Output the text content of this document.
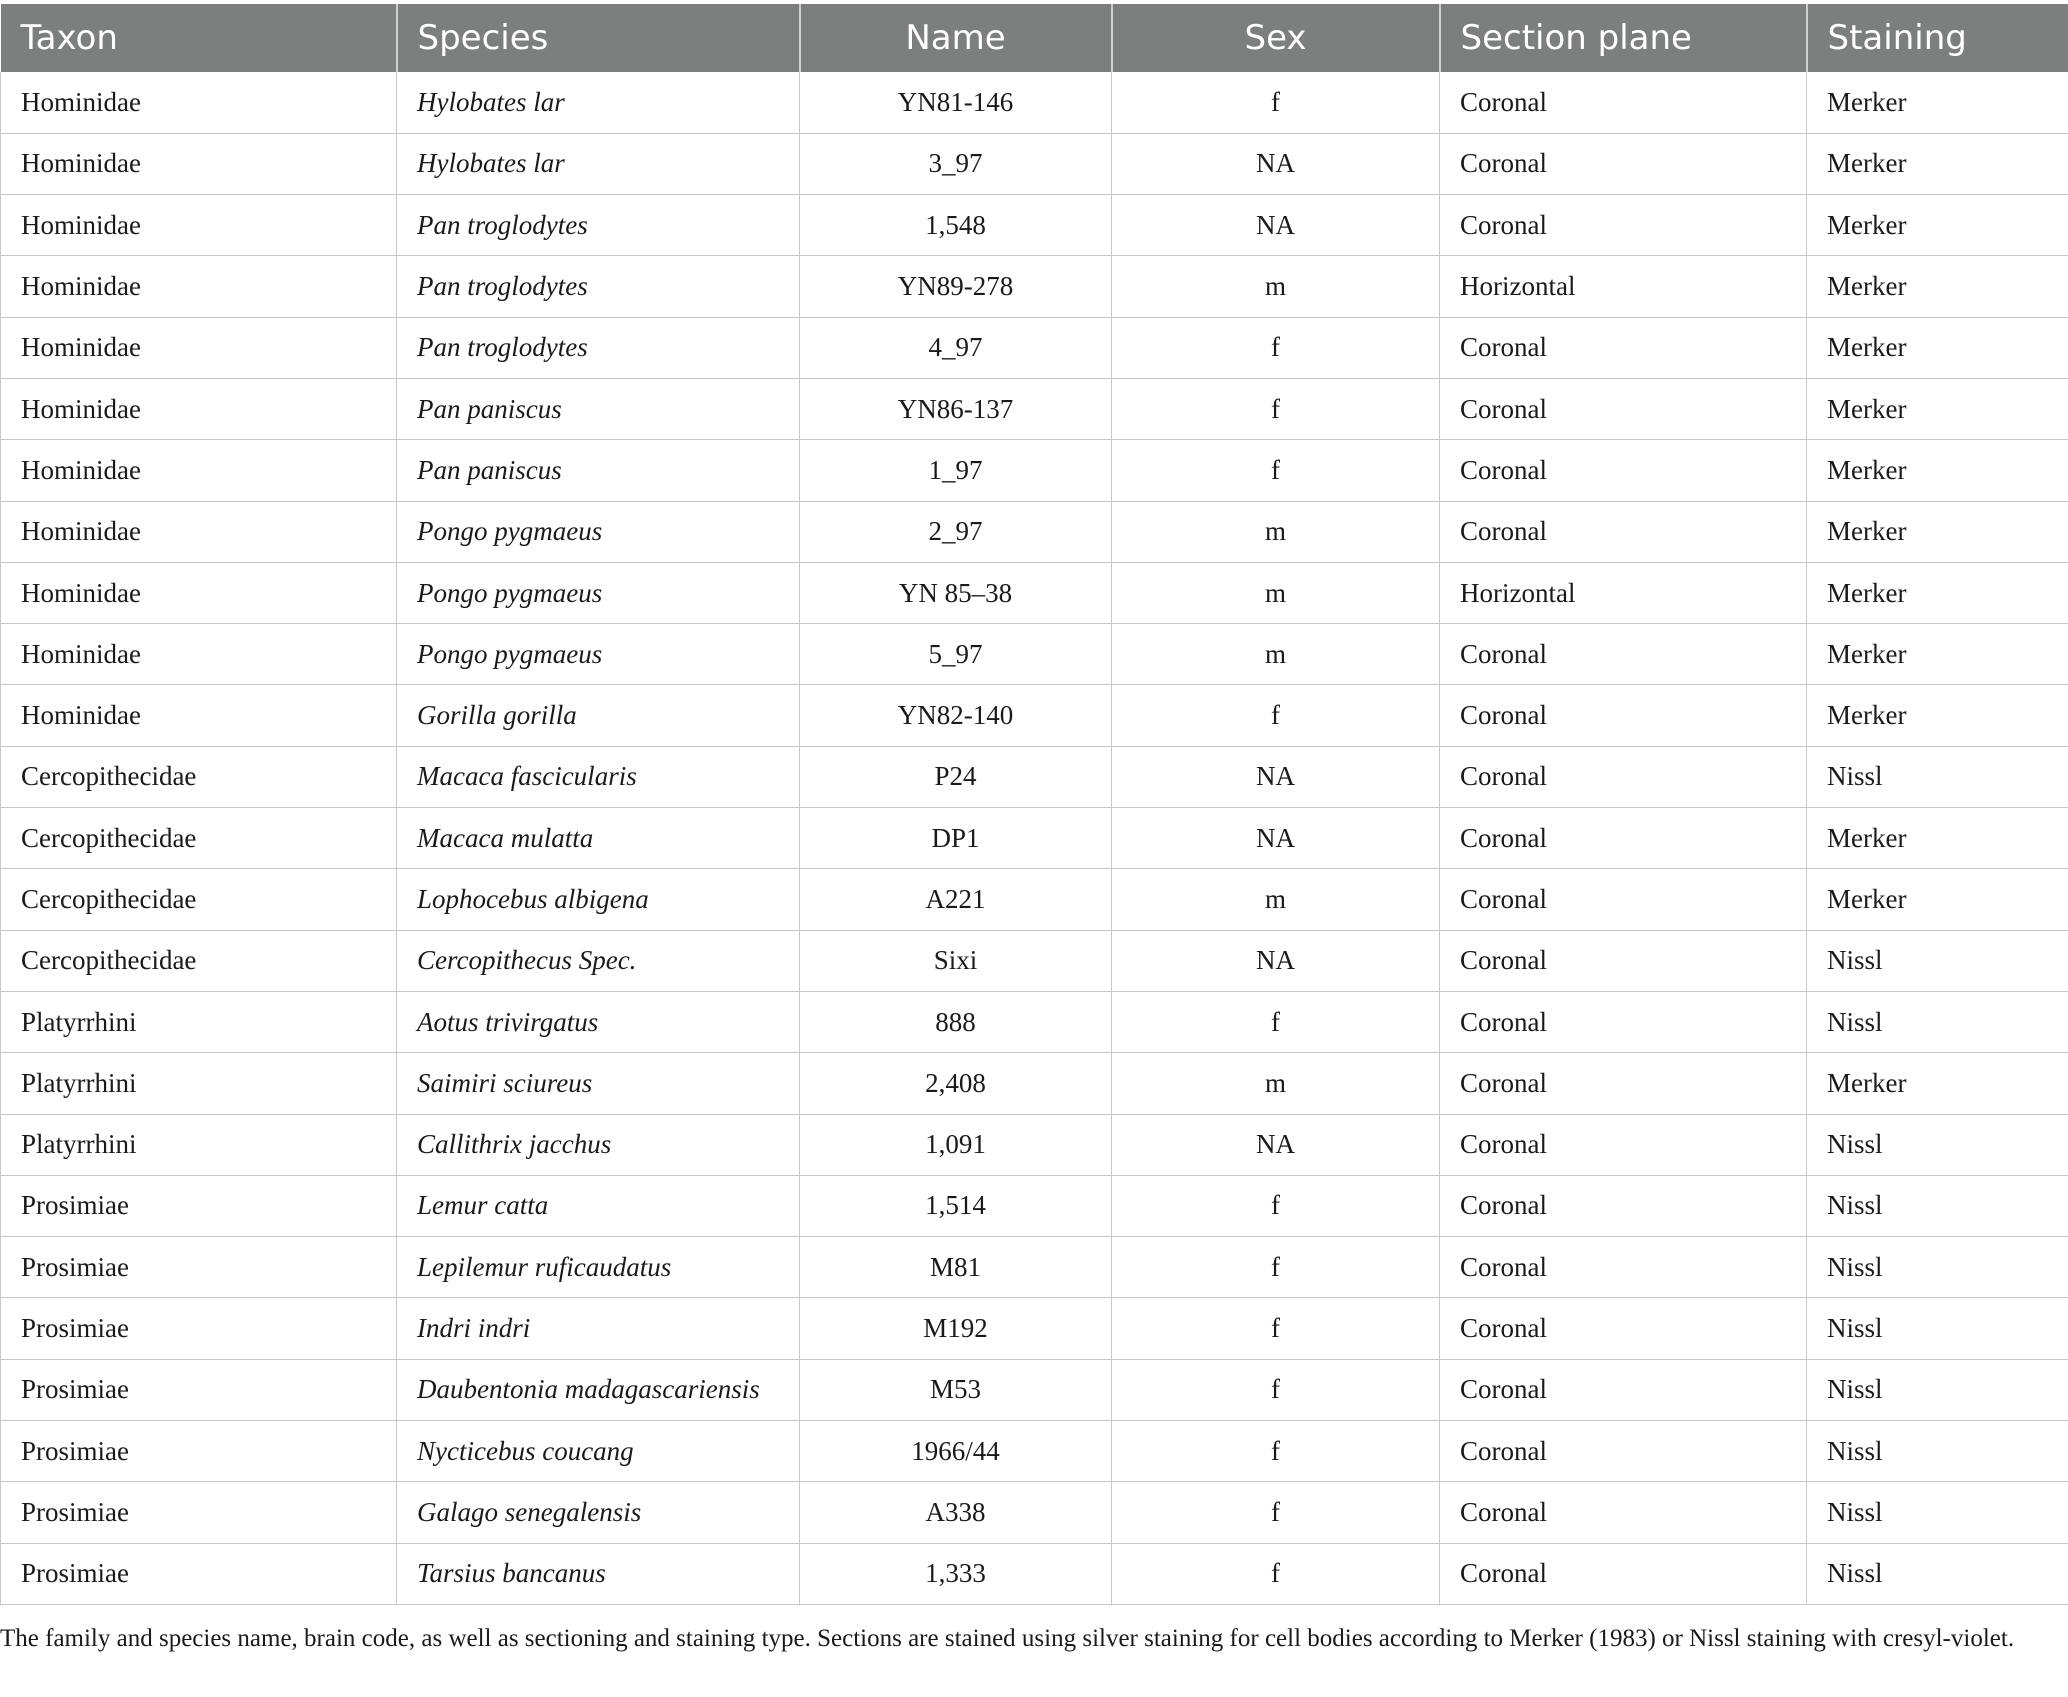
Taxon	Species	Name	Sex	Section plane	Staining
Hominidae	Hylobates lar	YN81-146	f	Coronal	Merker
Hominidae	Hylobates lar	3_97	NA	Coronal	Merker
Hominidae	Pan troglodytes	1,548	NA	Coronal	Merker
Hominidae	Pan troglodytes	YN89-278	m	Horizontal	Merker
Hominidae	Pan troglodytes	4_97	f	Coronal	Merker
Hominidae	Pan paniscus	YN86-137	f	Coronal	Merker
Hominidae	Pan paniscus	1_97	f	Coronal	Merker
Hominidae	Pongo pygmaeus	2_97	m	Coronal	Merker
Hominidae	Pongo pygmaeus	YN 85–38	m	Horizontal	Merker
Hominidae	Pongo pygmaeus	5_97	m	Coronal	Merker
Hominidae	Gorilla gorilla	YN82-140	f	Coronal	Merker
Cercopithecidae	Macaca fascicularis	P24	NA	Coronal	Nissl
Cercopithecidae	Macaca mulatta	DP1	NA	Coronal	Merker
Cercopithecidae	Lophocebus albigena	A221	m	Coronal	Merker
Cercopithecidae	Cercopithecus Spec.	Sixi	NA	Coronal	Nissl
Platyrrhini	Aotus trivirgatus	888	f	Coronal	Nissl
Platyrrhini	Saimiri sciureus	2,408	m	Coronal	Merker
Platyrrhini	Callithrix jacchus	1,091	NA	Coronal	Nissl
Prosimiae	Lemur catta	1,514	f	Coronal	Nissl
Prosimiae	Lepilemur ruficaudatus	M81	f	Coronal	Nissl
Prosimiae	Indri indri	M192	f	Coronal	Nissl
Prosimiae	Daubentonia madagascariensis	M53	f	Coronal	Nissl
Prosimiae	Nycticebus coucang	1966/44	f	Coronal	Nissl
Prosimiae	Galago senegalensis	A338	f	Coronal	Nissl
Prosimiae	Tarsius bancanus	1,333	f	Coronal	Nissl
The family and species name, brain code, as well as sectioning and staining type. Sections are stained using silver staining for cell bodies according to Merker (1983) or Nissl staining with cresyl-violet.
